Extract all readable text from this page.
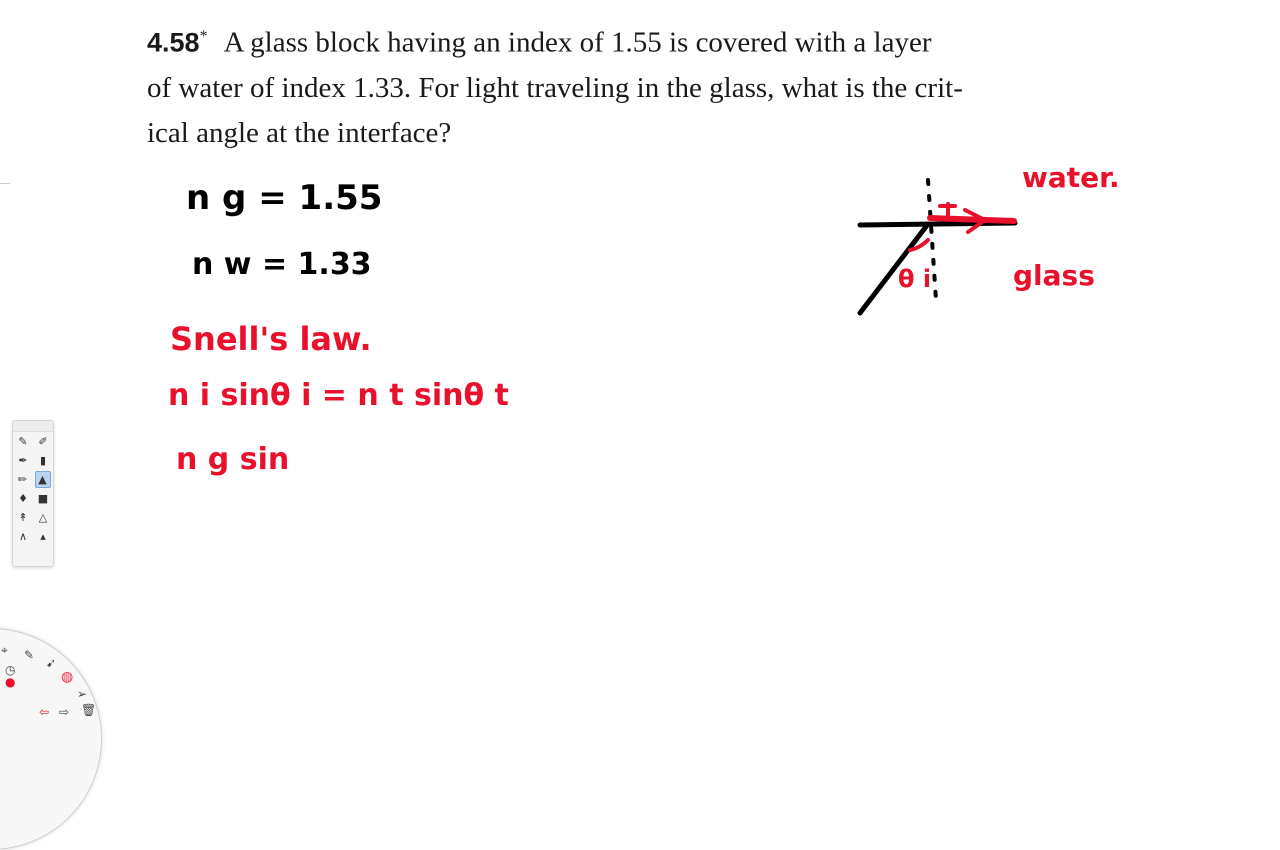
4.58* A glass block having an index of 1.55 is covered with a layer
of water of index 1.33. For light traveling in the glass, what is the crit-
ical angle at the interface?
n g = 1.55
n w = 1.33
Snell's law.
n i sinθ i = n t sinθ t
n g sin
θ i
water.
glass
✎ ✐
✒	▮
✏	▲
♦ ■
↟ △
∧	▴
⌖ ✎
➹
◍
➢
⇦ ⇨ 🗑
●
◷
